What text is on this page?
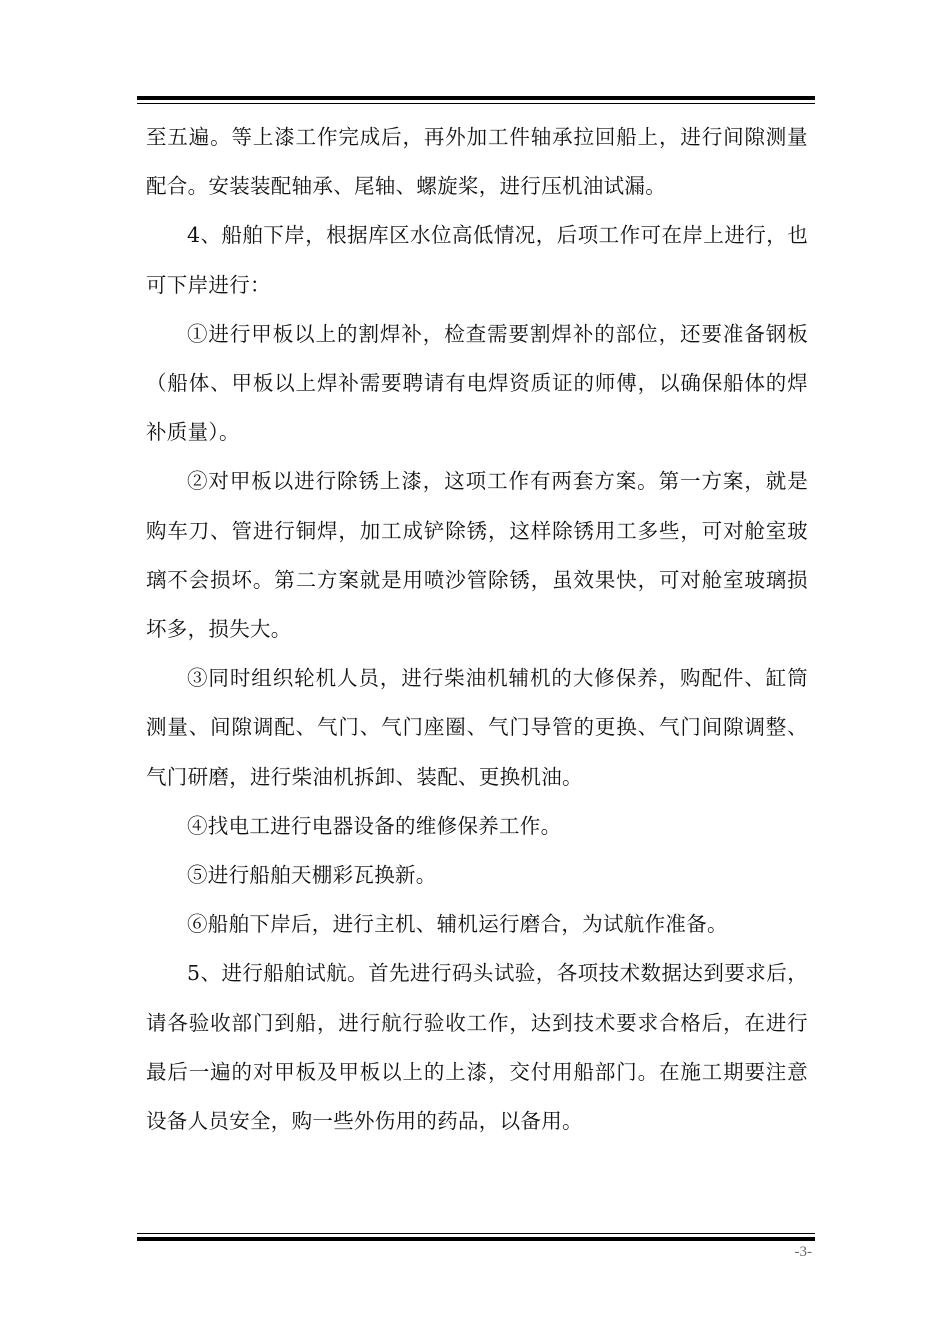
至五遍。等上漆工作完成后，再外加工件轴承拉回船上，进行间隙测量配合。安装装配轴承、尾轴、螺旋桨，进行压机油试漏。

4、船舶下岸，根据库区水位高低情况，后项工作可在岸上进行，也可下岸进行：

①进行甲板以上的割焊补，检查需要割焊补的部位，还要准备钢板（船体、甲板以上焊补需要聘请有电焊资质证的师傅，以确保船体的焊补质量）。

②对甲板以进行除锈上漆，这项工作有两套方案。第一方案，就是购车刀、管进行铜焊，加工成铲除锈，这样除锈用工多些，可对舱室玻璃不会损坏。第二方案就是用喷沙管除锈，虽效果快，可对舱室玻璃损坏多，损失大。

③同时组织轮机人员，进行柴油机辅机的大修保养，购配件、缸筒测量、间隙调配、气门、气门座圈、气门导管的更换、气门间隙调整、气门研磨，进行柴油机拆卸、装配、更换机油。

④找电工进行电器设备的维修保养工作。

⑤进行船舶天棚彩瓦换新。

⑥船舶下岸后，进行主机、辅机运行磨合，为试航作准备。

5、进行船舶试航。首先进行码头试验，各项技术数据达到要求后，请各验收部门到船，进行航行验收工作，达到技术要求合格后，在进行最后一遍的对甲板及甲板以上的上漆，交付用船部门。在施工期要注意设备人员安全，购一些外伤用的药品，以备用。

-3-
